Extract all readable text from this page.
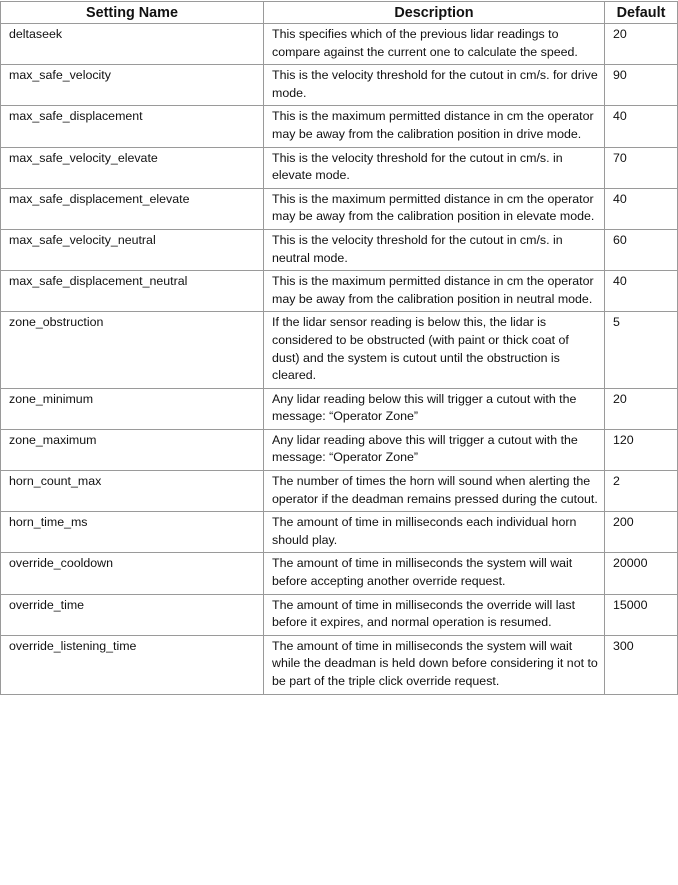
Setting Name	Description	Default
deltaseek	This specifies which of the previous lidar readings to compare against the current one to calculate the speed.	20
max_safe_velocity	This is the velocity threshold for the cutout in cm/s. for drive mode.	90
max_safe_displacement	This is the maximum permitted distance in cm the operator may be away from the calibration position in drive mode.	40
max_safe_velocity_elevate	This is the velocity threshold for the cutout in cm/s. in elevate mode.	70
max_safe_displacement_elevate	This is the maximum permitted distance in cm the operator may be away from the calibration position in elevate mode.	40
max_safe_velocity_neutral	This is the velocity threshold for the cutout in cm/s. in neutral mode.	60
max_safe_displacement_neutral	This is the maximum permitted distance in cm the operator may be away from the calibration position in neutral mode.	40
zone_obstruction	If the lidar sensor reading is below this, the lidar is considered to be obstructed (with paint or thick coat of dust) and the system is cutout until the obstruction is cleared.	5
zone_minimum	Any lidar reading below this will trigger a cutout with the message: “Operator Zone”	20
zone_maximum	Any lidar reading above this will trigger a cutout with the message: “Operator Zone”	120
horn_count_max	The number of times the horn will sound when alerting the operator if the deadman remains pressed during the cutout.	2
horn_time_ms	The amount of time in milliseconds each individual horn should play.	200
override_cooldown	The amount of time in milliseconds the system will wait before accepting another override request.	20000
override_time	The amount of time in milliseconds the override will last before it expires, and normal operation is resumed.	15000
override_listening_time	The amount of time in milliseconds the system will wait while the deadman is held down before considering it not to be part of the triple click override request.	300
